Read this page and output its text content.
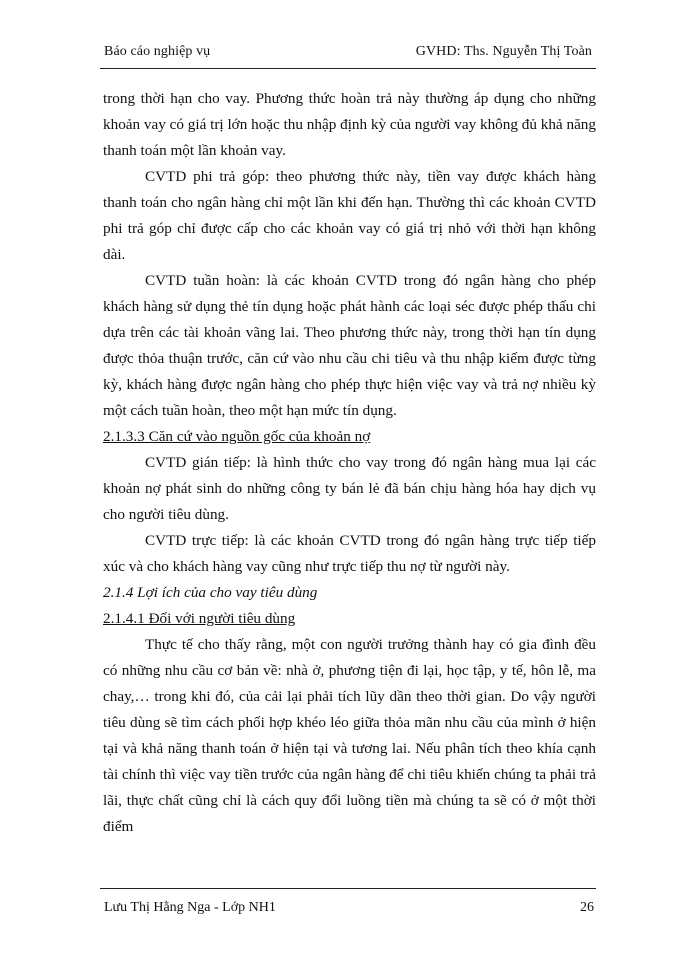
Báo cáo nghiệp vụ	GVHD: Ths. Nguyễn Thị Toàn

trong thời hạn cho vay. Phương thức hoàn trả này thường áp dụng cho những khoản vay có giá trị lớn hoặc thu nhập định kỳ của người vay không đủ khả năng thanh toán một lần khoản vay.

CVTD phi trả góp: theo phương thức này, tiền vay được khách hàng thanh toán cho ngân hàng chỉ một lần khi đến hạn. Thường thì các khoản CVTD phi trả góp chỉ được cấp cho các khoản vay có giá trị nhỏ với thời hạn không dài.

CVTD tuần hoàn: là các khoản CVTD trong đó ngân hàng cho phép khách hàng sử dụng thẻ tín dụng hoặc phát hành các loại séc được phép thấu chi dựa trên các tài khoản vãng lai. Theo phương thức này, trong thời hạn tín dụng được thỏa thuận trước, căn cứ vào nhu cầu chi tiêu và thu nhập kiếm được từng kỳ, khách hàng được ngân hàng cho phép thực hiện việc vay và trả nợ nhiều kỳ một cách tuần hoàn, theo một hạn mức tín dụng.

2.1.3.3 Căn cứ vào nguồn gốc của khoản nợ

CVTD gián tiếp: là hình thức cho vay trong đó ngân hàng mua lại các khoản nợ phát sinh do những công ty bán lẻ đã bán chịu hàng hóa hay dịch vụ cho người tiêu dùng.

CVTD trực tiếp: là các khoản CVTD trong đó ngân hàng trực tiếp tiếp xúc và cho khách hàng vay cũng như trực tiếp thu nợ từ người này.

2.1.4 Lợi ích của cho vay tiêu dùng

2.1.4.1 Đối với người tiêu dùng

Thực tế cho thấy rằng, một con người trưởng thành hay có gia đình đều có những nhu cầu cơ bản về: nhà ở, phương tiện đi lại, học tập, y tế, hôn lễ, ma chay,… trong khi đó, của cải lại phải tích lũy dần theo thời gian. Do vậy người tiêu dùng sẽ tìm cách phối hợp khéo léo giữa thỏa mãn nhu cầu của mình ở hiện tại và khả năng thanh toán ở hiện tại và tương lai. Nếu phân tích theo khía cạnh tài chính thì việc vay tiền trước của ngân hàng để chi tiêu khiến chúng ta phải trả lãi, thực chất cũng chỉ là cách quy đổi luồng tiền mà chúng ta sẽ có ở một thời điểm

Lưu Thị Hằng Nga - Lớp NH1	26
